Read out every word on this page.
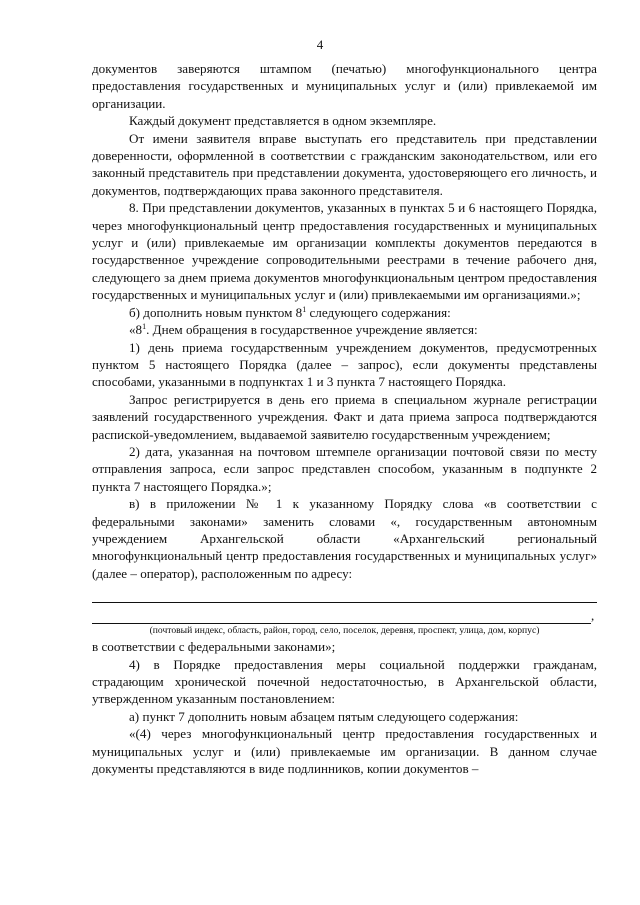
4

документов заверяются штампом (печатью) многофункционального центра предоставления государственных и муниципальных услуг и (или) привлекаемой им организации.

Каждый документ представляется в одном экземпляре.

От имени заявителя вправе выступать его представитель при представлении доверенности, оформленной в соответствии с гражданским законодательством, или его законный представитель при представлении документа, удостоверяющего его личность, и документов, подтверждающих права законного представителя.

8. При представлении документов, указанных в пунктах 5 и 6 настоящего Порядка, через многофункциональный центр предоставления государственных и муниципальных услуг и (или) привлекаемые им организации комплекты документов передаются в государственное учреждение сопроводительными реестрами в течение рабочего дня, следующего за днем приема документов многофункциональным центром предоставления государственных и муниципальных услуг и (или) привлекаемыми им организациями.»;

б) дополнить новым пунктом $8^1$ следующего содержания:

«$8^1$. Днем обращения в государственное учреждение является:

1) день приема государственным учреждением документов, предусмотренных пунктом 5 настоящего Порядка (далее – запрос), если документы представлены способами, указанными в подпунктах 1 и 3 пункта 7 настоящего Порядка.

Запрос регистрируется в день его приема в специальном журнале регистрации заявлений государственного учреждения. Факт и дата приема запроса подтверждаются распиской-уведомлением, выдаваемой заявителю государственным учреждением;

2) дата, указанная на почтовом штемпеле организации почтовой связи по месту отправления запроса, если запрос представлен способом, указанным в подпункте 2 пункта 7 настоящего Порядка.»;

в) в приложении № 1 к указанному Порядку слова «в соответствии с федеральными законами» заменить словами «, государственным автономным учреждением Архангельской области «Архангельский региональный многофункциональный центр предоставления государственных и муниципальных услуг» (далее – оператор), расположенным по адресу:

,

(почтовый индекс, область, район, город, село, поселок, деревня, проспект, улица, дом, корпус)

в соответствии с федеральными законами»;

4) в Порядке предоставления меры социальной поддержки гражданам, страдающим хронической почечной недостаточностью, в Архангельской области, утвержденном указанным постановлением:

а) пункт 7 дополнить новым абзацем пятым следующего содержания:

«(4) через многофункциональный центр предоставления государственных и муниципальных услуг и (или) привлекаемые им организации. В данном случае документы представляются в виде подлинников, копии документов –
